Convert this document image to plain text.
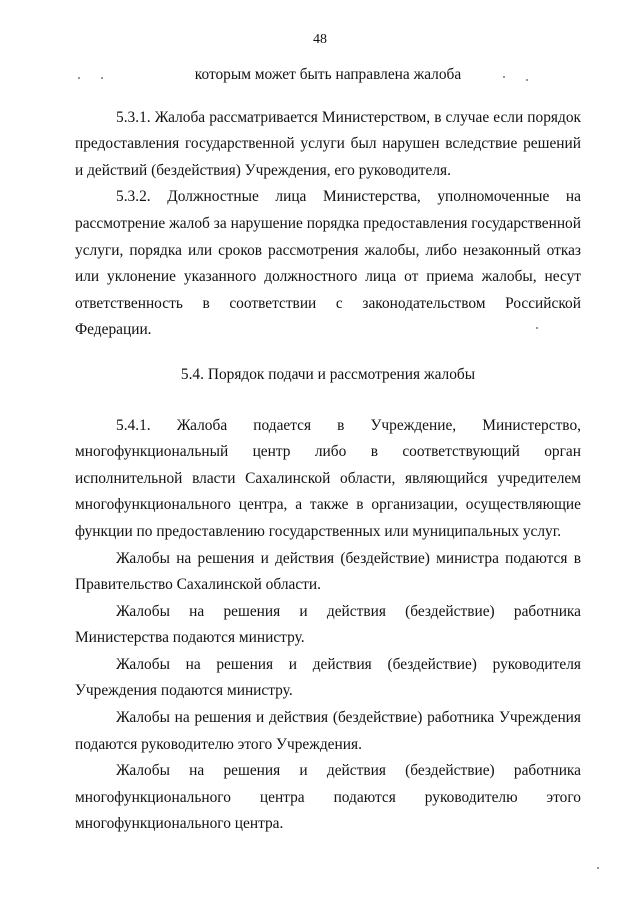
48

которым может быть направлена жалоба

5.3.1. Жалоба рассматривается Министерством, в случае если порядок предоставления государственной услуги был нарушен вследствие решений и действий (бездействия) Учреждения, его руководителя.

5.3.2. Должностные лица Министерства, уполномоченные на рассмотрение жалоб за нарушение порядка предоставления государственной услуги, порядка или сроков рассмотрения жалобы, либо незаконный отказ или уклонение указанного должностного лица от приема жалобы, несут ответственность в соответствии с законодательством Российской Федерации.

5.4. Порядок подачи и рассмотрения жалобы

5.4.1. Жалоба подается в Учреждение, Министерство, многофункциональный центр либо в соответствующий орган исполнительной власти Сахалинской области, являющийся учредителем многофункционального центра, а также в организации, осуществляющие функции по предоставлению государственных или муниципальных услуг.

Жалобы на решения и действия (бездействие) министра подаются в Правительство Сахалинской области.

Жалобы на решения и действия (бездействие) работника Министерства подаются министру.

Жалобы на решения и действия (бездействие) руководителя Учреждения подаются министру.

Жалобы на решения и действия (бездействие) работника Учреждения подаются руководителю этого Учреждения.

Жалобы на решения и действия (бездействие) работника
многофункционального центра подаются руководителю этого
многофункционального центра.
